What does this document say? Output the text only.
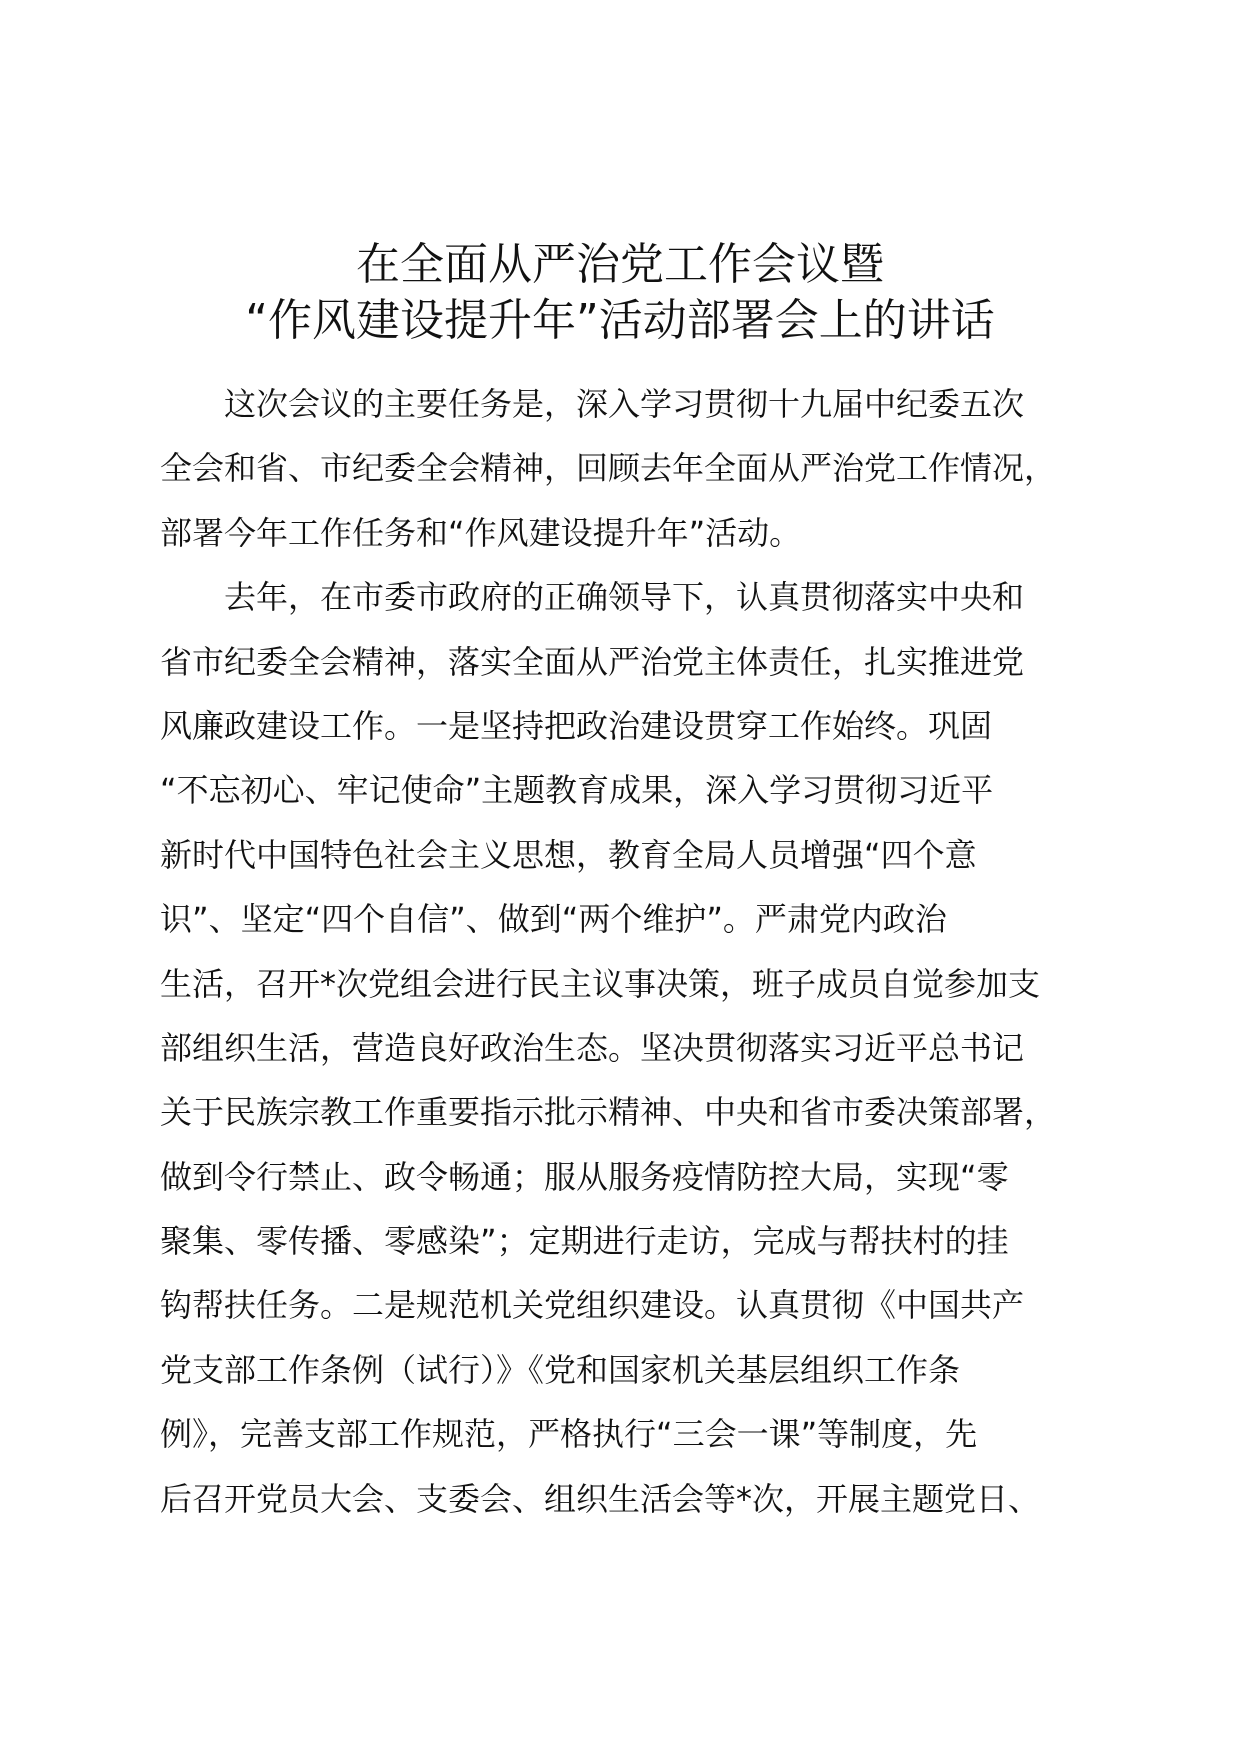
在全面从严治党工作会议暨
“作风建设提升年”活动部署会上的讲话
这次会议的主要任务是，深入学习贯彻十九届中纪委五次
全会和省、市纪委全会精神，回顾去年全面从严治党工作情况，
部署今年工作任务和“作风建设提升年”活动。
去年，在市委市政府的正确领导下，认真贯彻落实中央和
省市纪委全会精神，落实全面从严治党主体责任，扎实推进党
风廉政建设工作。一是坚持把政治建设贯穿工作始终。巩固
“不忘初心、牢记使命”主题教育成果，深入学习贯彻习近平
新时代中国特色社会主义思想，教育全局人员增强“四个意
识”、坚定“四个自信”、做到“两个维护”。严肃党内政治
生活，召开*次党组会进行民主议事决策，班子成员自觉参加支
部组织生活，营造良好政治生态。坚决贯彻落实习近平总书记
关于民族宗教工作重要指示批示精神、中央和省市委决策部署，
做到令行禁止、政令畅通；服从服务疫情防控大局，实现“零
聚集、零传播、零感染”；定期进行走访，完成与帮扶村的挂
钩帮扶任务。二是规范机关党组织建设。认真贯彻《中国共产
党支部工作条例（试行）》《党和国家机关基层组织工作条
例》，完善支部工作规范，严格执行“三会一课”等制度，先
后召开党员大会、支委会、组织生活会等*次，开展主题党日、
